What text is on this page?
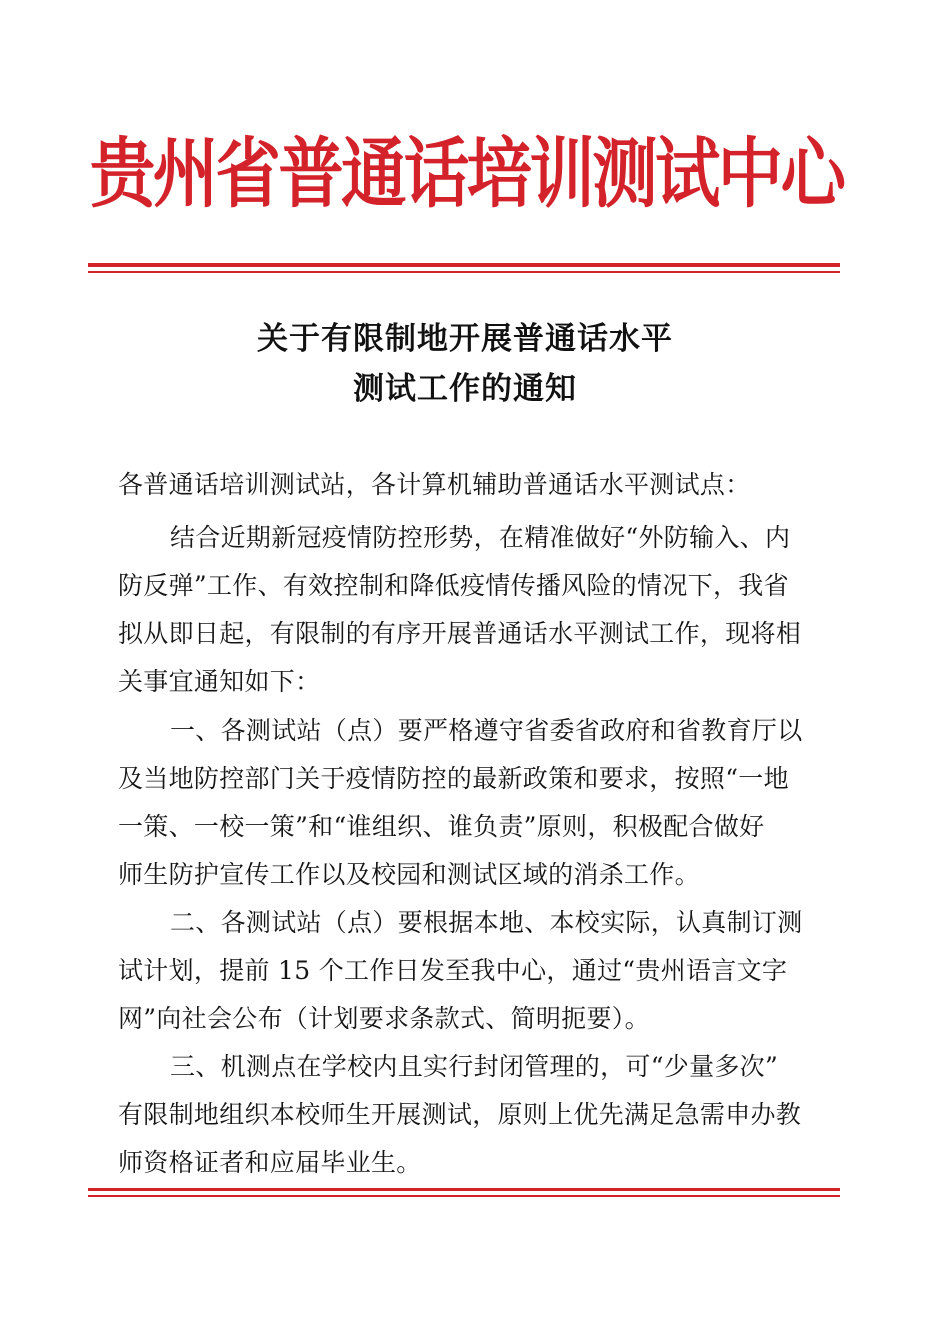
贵州省普通话培训测试中心
关于有限制地开展普通话水平
测试工作的通知
各普通话培训测试站，各计算机辅助普通话水平测试点：
结合近期新冠疫情防控形势，在精准做好“外防输入、内
防反弹”工作、有效控制和降低疫情传播风险的情况下，我省
拟从即日起，有限制的有序开展普通话水平测试工作，现将相
关事宜通知如下：
一、各测试站（点）要严格遵守省委省政府和省教育厅以
及当地防控部门关于疫情防控的最新政策和要求，按照“一地
一策、一校一策”和“谁组织、谁负责”原则，积极配合做好
师生防护宣传工作以及校园和测试区域的消杀工作。
二、各测试站（点）要根据本地、本校实际，认真制订测
试计划，提前 15 个工作日发至我中心，通过“贵州语言文字
网”向社会公布（计划要求条款式、简明扼要）。
三、机测点在学校内且实行封闭管理的，可“少量多次”
有限制地组织本校师生开展测试，原则上优先满足急需申办教
师资格证者和应届毕业生。
